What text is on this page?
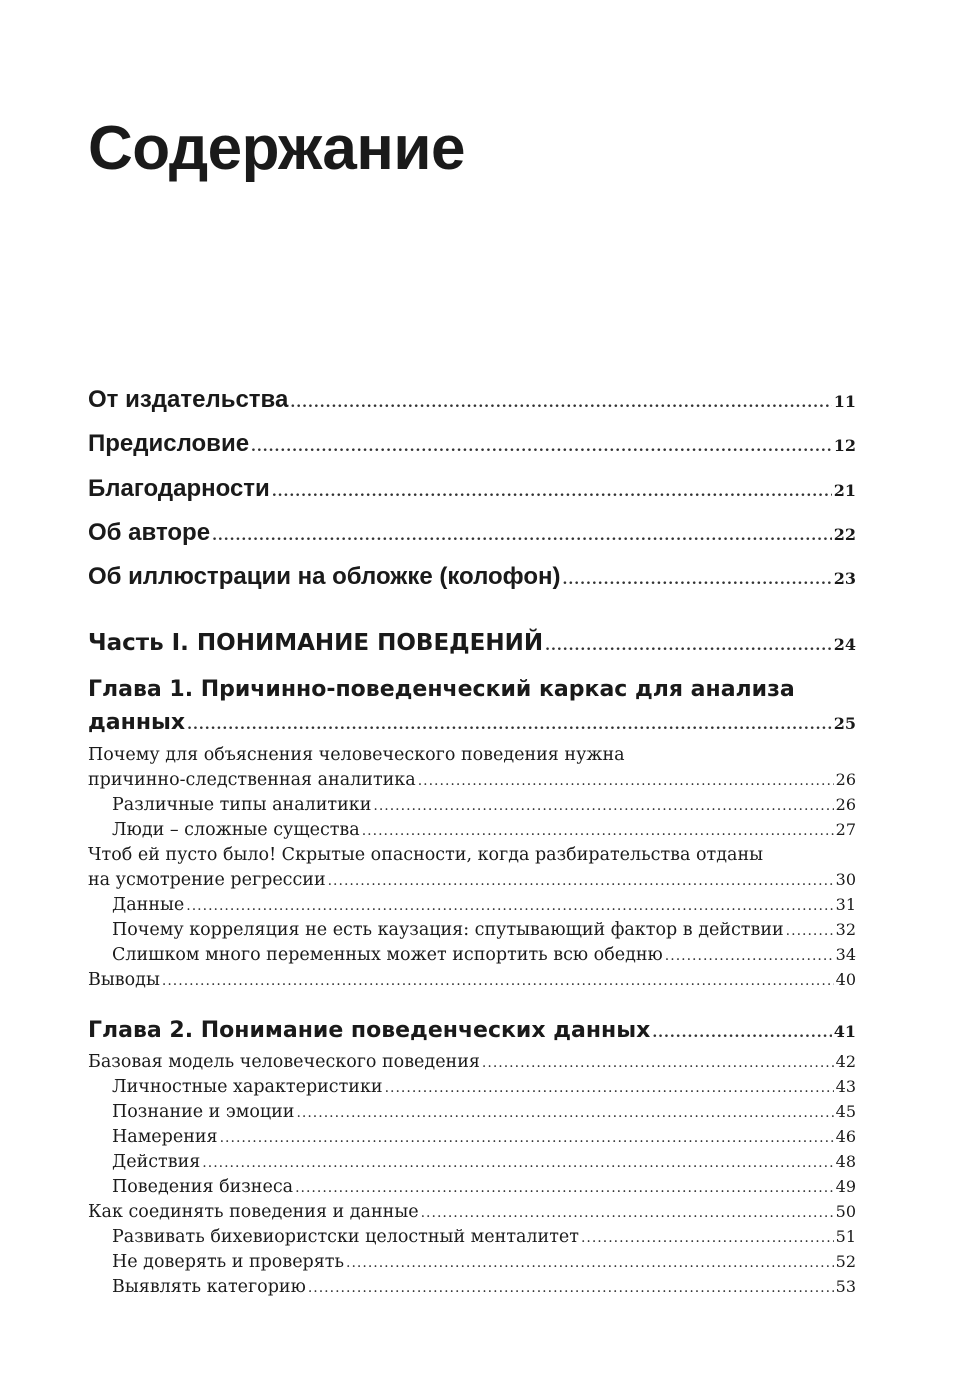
Содержание
От издательства .....	11
Предисловие .....	12
Благодарности .....	21
Об авторе .....	22
Об иллюстрации на обложке (колофон) .....	23
Часть I. ПОНИМАНИЕ ПОВЕДЕНИЙ .....	24
Глава 1. Причинно-поведенческий каркас для анализа
данных .....	25
Почему для объяснения человеческого поведения нужна
причинно-следственная аналитика .....	26
Различные типы аналитики .....	26
Люди – сложные существа .....	27
Чтоб ей пусто было! Скрытые опасности, когда разбирательства отданы
на усмотрение регрессии .....	30
Данные .....	31
Почему корреляция не есть каузация: спутывающий фактор в действии .....	32
Слишком много переменных может испортить всю обедню .....	34
Выводы .....	40
Глава 2. Понимание поведенческих данных .....	41
Базовая модель человеческого поведения .....	42
Личностные характеристики .....	43
Познание и эмоции .....	45
Намерения .....	46
Действия .....	48
Поведения бизнеса .....	49
Как соединять поведения и данные .....	50
Развивать бихевиористски целостный менталитет .....	51
Не доверять и проверять .....	52
Выявлять категорию .....	53
